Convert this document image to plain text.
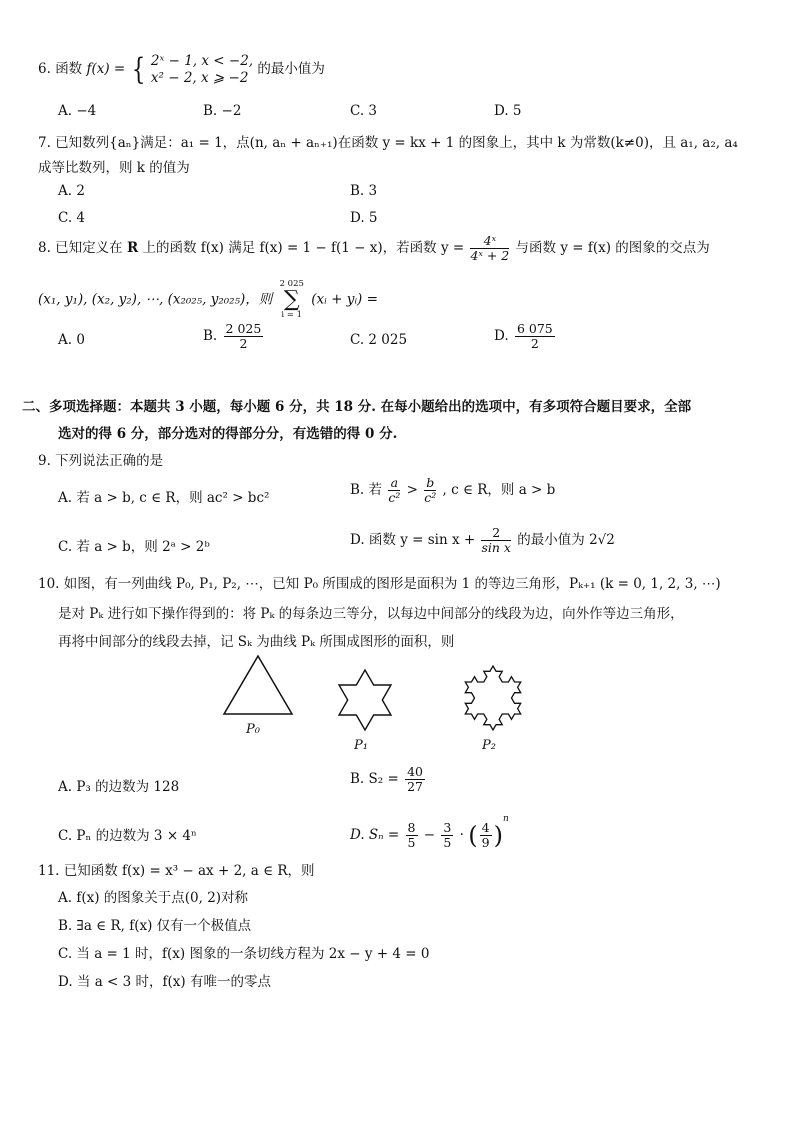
6. 函数 f(x) = { 2ˣ − 1, x < −2,
x² − 2, x ⩾ −2
的最小值为
A. −4	B. −2	C. 3	D. 5
7. 已知数列{aₙ}满足：a₁ = 1，点(n, aₙ + aₙ₊₁)在函数 y = kx + 1 的图象上，其中 k 为常数(k≠0)，且 a₁, a₂, a₄
成等比数列，则 k 的值为
A. 2	B. 3
C. 4	D. 5
8. 已知定义在 R 上的函数 f(x) 满足 f(x) = 1 − f(1 − x)，若函数 $y = \frac{\text{4ˣ}}{\text{4ˣ + 2}}$ 与函数 y = f(x) 的图象的交点为
(x₁, y₁), (x₂, y₂), ⋯, (x₂₀₂₅, y₂₀₂₅)，则
2 025
∑
i = 1
(xᵢ + yᵢ) =
A. 0	B. $\frac{2 025}{2}$	C. 2 025	D. $\frac{6 075}{2}$
二、多项选择题：本题共 3 小题，每小题 6 分，共 18 分. 在每小题给出的选项中，有多项符合题目要求，全部
选对的得 6 分，部分选对的得部分分，有选错的得 0 分.
9. 下列说法正确的是
A. 若 a > b, c ∈ R，则 ac² > bc²	B. 若 $\frac{a}{\text{c²}} > \frac{b}{\text{c²}}$ , c ∈ R，则 a > b
C. 若 a > b，则 2ᵃ > 2ᵇ	D. 函数 $y = \sin x + \frac{2}{\text{sin x}}$ 的最小值为 2√2
10. 如图，有一列曲线 P₀, P₁, P₂, ⋯，已知 P₀ 所围成的图形是面积为 1 的等边三角形，Pₖ₊₁ (k = 0, 1, 2, 3, ⋯)
是对 Pₖ 进行如下操作得到的：将 Pₖ 的每条边三等分，以每边中间部分的线段为边，向外作等边三角形，
再将中间部分的线段去掉，记 Sₖ 为曲线 Pₖ 所围成图形的面积，则
P₀
P₁	P₂
A. P₃ 的边数为 128	B. $S_2 = \frac{40}{27}$
C. Pₙ 的边数为 3 × 4ⁿ	D. $S_n = \frac{8}{5} - \frac{3}{5}$ · ( $\frac{4}{9} )^n$
11. 已知函数 f(x) = x³ − ax + 2, a ∈ R，则
A. f(x) 的图象关于点(0, 2)对称
B. ∃a ∈ R, f(x) 仅有一个极值点
C. 当 a = 1 时，f(x) 图象的一条切线方程为 2x − y + 4 = 0
D. 当 a < 3 时，f(x) 有唯一的零点
